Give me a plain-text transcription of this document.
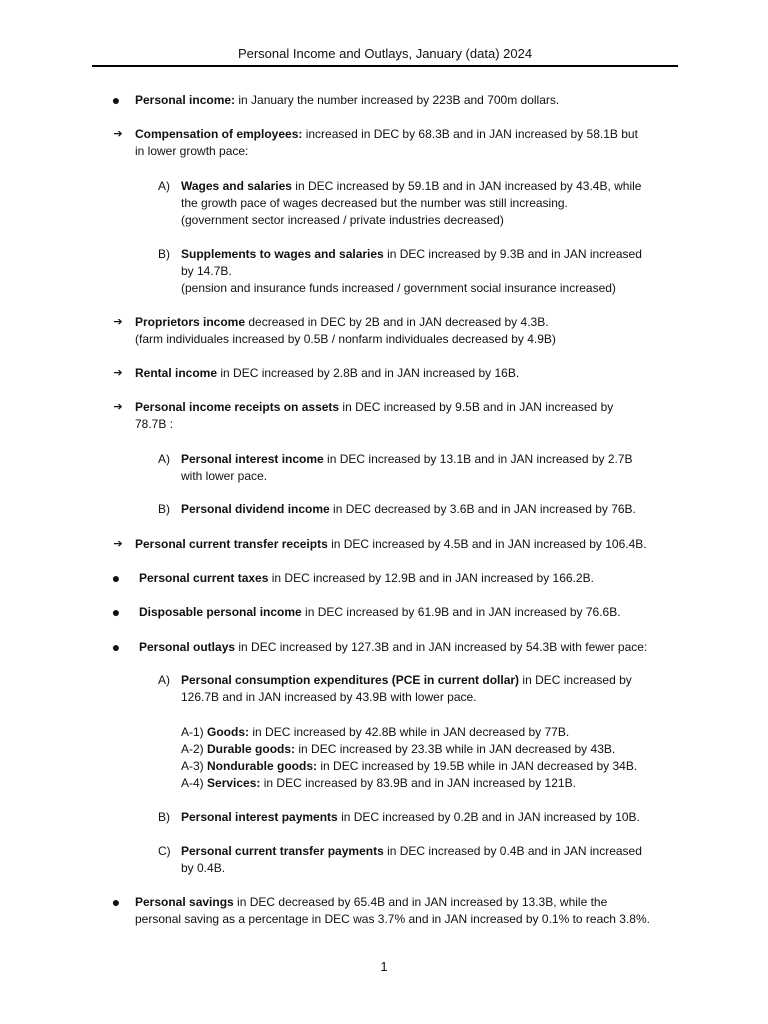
Personal Income and Outlays, January (data) 2024
●	Personal income: in January the number increased by 223B and 700m dollars.
➔ Compensation of employees: increased in DEC by 68.3B and in JAN increased by 58.1B but
in lower growth pace:
A) Wages and salaries in DEC increased by 59.1B and in JAN increased by 43.4B, while
the growth pace of wages decreased but the number was still increasing.
(government sector increased / private industries decreased)
B) Supplements to wages and salaries in DEC increased by 9.3B and in JAN increased
by 14.7B.
(pension and insurance funds increased / government social insurance increased)
➔ Proprietors income decreased in DEC by 2B and in JAN decreased by 4.3B.
(farm individuales increased by 0.5B / nonfarm individuales decreased by 4.9B)
➔ Rental income in DEC increased by 2.8B and in JAN increased by 16B.
➔ Personal income receipts on assets in DEC increased by 9.5B and in JAN increased by
78.7B :
A) Personal interest income in DEC increased by 13.1B and in JAN increased by 2.7B
with lower pace.
B) Personal dividend income in DEC decreased by 3.6B and in JAN increased by 76B.
➔ Personal current transfer receipts in DEC increased by 4.5B and in JAN increased by 106.4B.
●	Personal current taxes in DEC increased by 12.9B and in JAN increased by 166.2B.
●	Disposable personal income in DEC increased by 61.9B and in JAN increased by 76.6B.
●	Personal outlays in DEC increased by 127.3B and in JAN increased by 54.3B with fewer pace:
A) Personal consumption expenditures (PCE in current dollar) in DEC increased by
126.7B and in JAN increased by 43.9B with lower pace.
A-1) Goods: in DEC increased by 42.8B while in JAN decreased by 77B.
A-2) Durable goods: in DEC increased by 23.3B while in JAN decreased by 43B.
A-3) Nondurable goods: in DEC increased by 19.5B while in JAN decreased by 34B.
A-4) Services: in DEC increased by 83.9B and in JAN increased by 121B.
B) Personal interest payments in DEC increased by 0.2B and in JAN increased by 10B.
C) Personal current transfer payments in DEC increased by 0.4B and in JAN increased
by 0.4B.
●	Personal savings in DEC decreased by 65.4B and in JAN increased by 13.3B, while the
personal saving as a percentage in DEC was 3.7% and in JAN increased by 0.1% to reach 3.8%.
1
